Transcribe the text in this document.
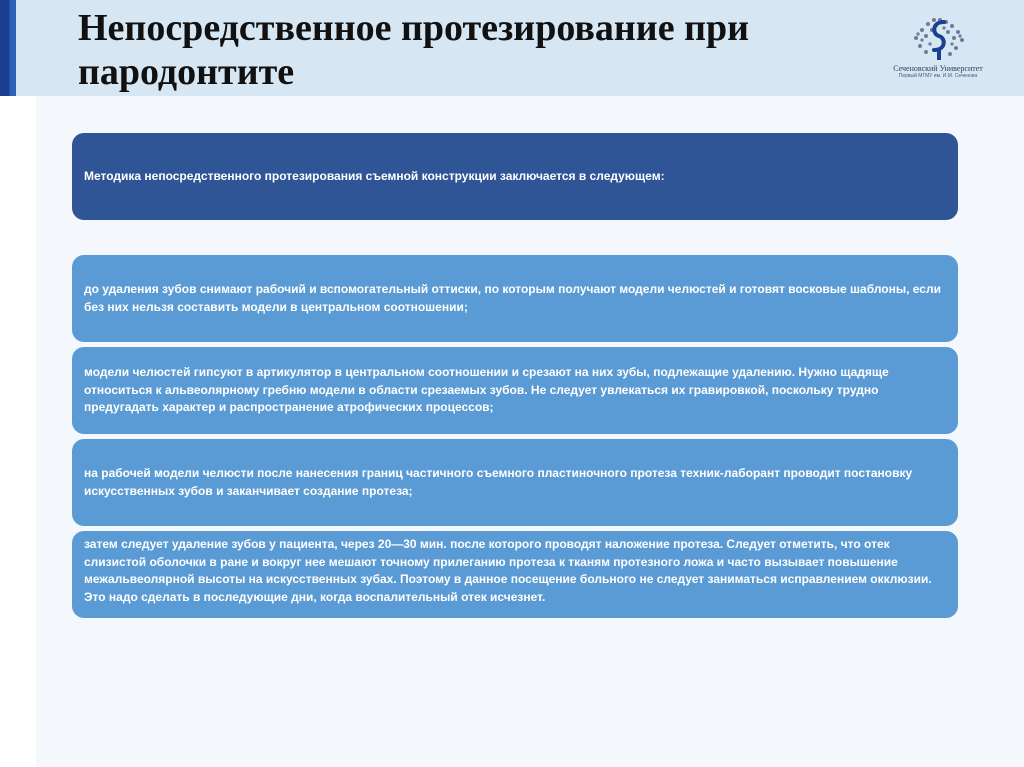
Непосредственное протезирование при пародонтите	Сеченовский Университет
Первый МГМУ им. И.М. Сеченова

Методика непосредственного протезирования съемной конструкции заключается в следующем:

до удаления зубов снимают рабочий и вспомогательный оттиски, по которым получают модели челюстей и готовят восковые шаблоны, если без них нельзя составить модели в центральном соотношении;

модели челюстей гипсуют в артикулятор в центральном соотношении и срезают на них зубы, подлежащие удалению. Нужно щадяще относиться к альвеолярному гребню модели в области срезаемых зубов. Не следует увлекаться их гравировкой, поскольку трудно предугадать характер и распространение атрофических процессов;

на рабочей модели челюсти после нанесения границ частичного съемного пластиночного протеза техник-лаборант проводит постановку искусственных зубов и заканчивает создание протеза;

затем следует удаление зубов у пациента, через 20—30 мин. после которого проводят наложение протеза. Следует отметить, что отек слизистой оболочки в ране и вокруг нее мешают точному прилеганию протеза к тканям протезного ложа и часто вызывает повышение межальвеолярной высоты на искусственных зубах. Поэтому в данное посещение больного не следует заниматься исправлением окклюзии. Это надо сделать в последующие дни, когда воспалительный отек исчезнет.
